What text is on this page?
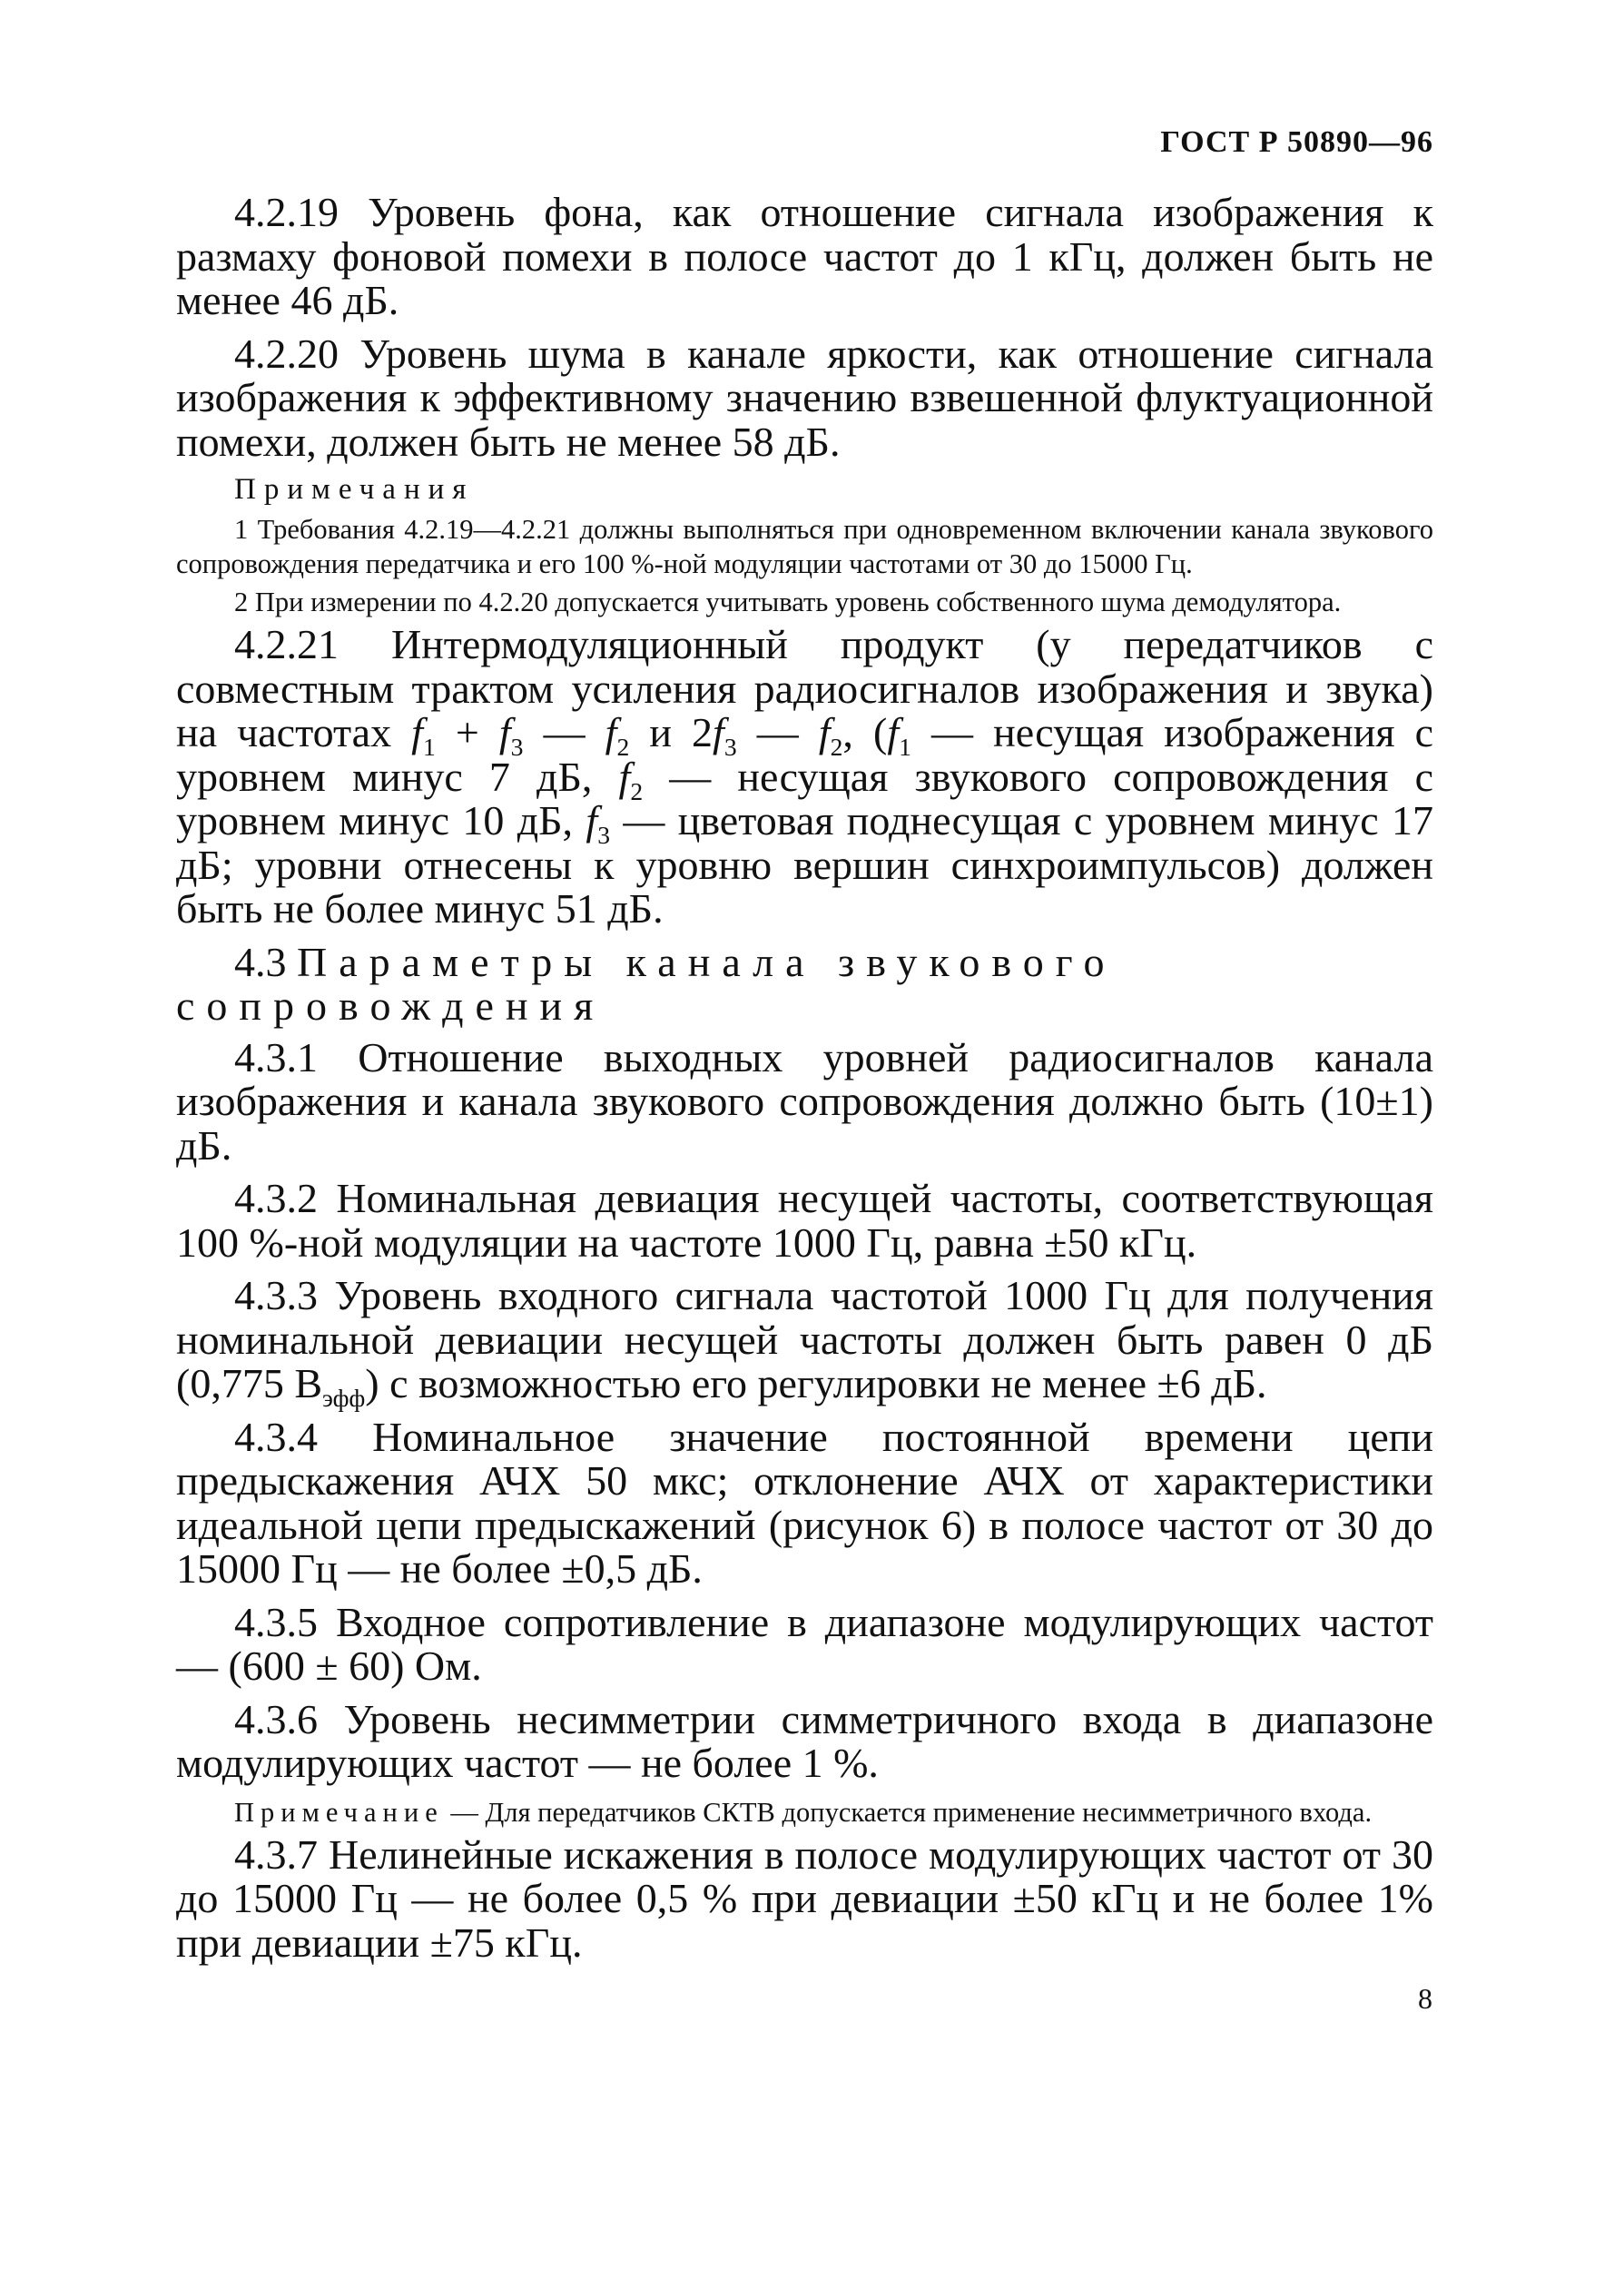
ГОСТ Р 50890—96

4.2.19 Уровень фона, как отношение сигнала изображения к размаху фоновой помехи в полосе частот до 1 кГц, должен быть не менее 46 дБ.

4.2.20 Уровень шума в канале яркости, как отношение сигнала изображения к эффективному значению взвешенной флуктуационной помехи, должен быть не менее 58 дБ.

Примечания

1 Требования 4.2.19—4.2.21 должны выполняться при одновременном включении канала звукового сопровождения передатчика и его 100 %-ной модуляции частотами от 30 до 15000 Гц.

2 При измерении по 4.2.20 допускается учитывать уровень собственного шума демодулятора.

4.2.21 Интермодуляционный продукт (у передатчиков с совместным трактом усиления радиосигналов изображения и звука) на частотах $f_1 + f_3$ — $f_2$ и $2f_3$ — $f_2$, ($f_1$ — несущая изображения с уровнем минус 7 дБ, $f_2$ — несущая звукового сопровождения с уровнем минус 10 дБ, $f_3$ — цветовая поднесущая с уровнем минус 17 дБ; уровни отнесены к уровню вершин синхроимпульсов) должен быть не более минус 51 дБ.

4.3 Параметры канала звукового сопровождения

4.3.1 Отношение выходных уровней радиосигналов канала изображения и канала звукового сопровождения должно быть (10±1) дБ.

4.3.2 Номинальная девиация несущей частоты, соответствующая 100 %-ной модуляции на частоте 1000 Гц, равна ±50 кГц.

4.3.3 Уровень входного сигнала частотой 1000 Гц для получения номинальной девиации несущей частоты должен быть равен 0 дБ (0,775 $В_{эфф}$) с возможностью его регулировки не менее ±6 дБ.

4.3.4 Номинальное значение постоянной времени цепи предыскажения АЧХ 50 мкс; отклонение АЧХ от характеристики идеальной цепи предыскажений (рисунок 6) в полосе частот от 30 до 15000 Гц — не более ±0,5 дБ.

4.3.5 Входное сопротивление в диапазоне модулирующих частот — (600 ± 60) Ом.

4.3.6 Уровень несимметрии симметричного входа в диапазоне модулирующих частот — не более 1 %.

Примечание — Для передатчиков СКТВ допускается применение несимметричного входа.

4.3.7 Нелинейные искажения в полосе модулирующих частот от 30 до 15000 Гц — не более 0,5 % при девиации ±50 кГц и не более 1% при девиации ±75 кГц.

8
